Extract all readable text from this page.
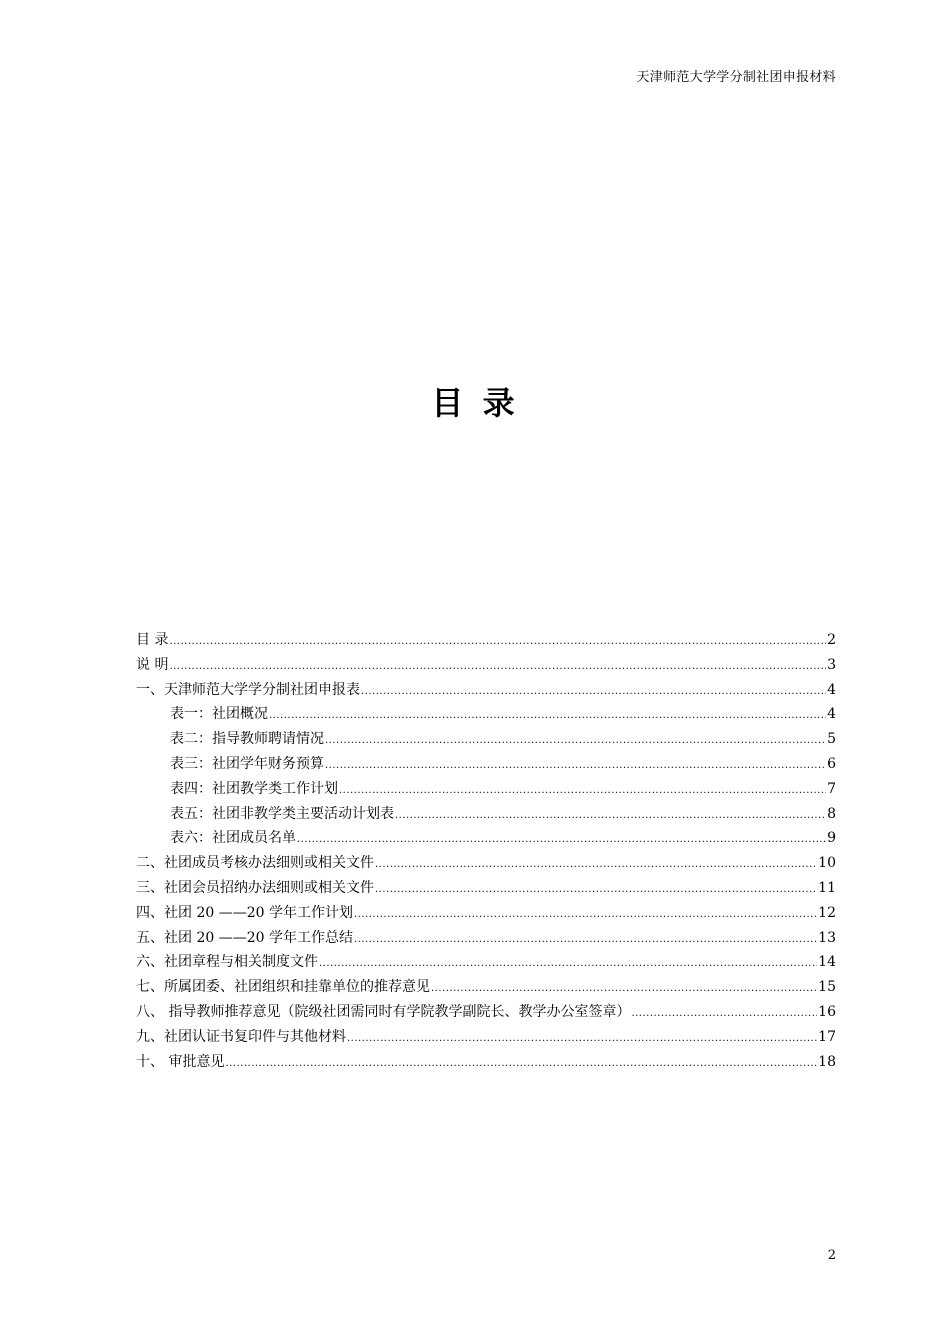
天津师范大学学分制社团申报材料
目 录
目 录 .....	2
说 明 .....	3
一、天津师范大学学分制社团申报表 .....	4
表一：社团概况 .....	4
表二：指导教师聘请情况 .....	5
表三：社团学年财务预算 .....	6
表四：社团教学类工作计划 .....	7
表五：社团非教学类主要活动计划表 .....	8
表六：社团成员名单 .....	9
二、社团成员考核办法细则或相关文件 .....	10
三、社团会员招纳办法细则或相关文件 .....	11
四、社团 20 ——20 学年工作计划 .....	12
五、社团 20 ——20 学年工作总结 .....	13
六、社团章程与相关制度文件 .....	14
七、所属团委、社团组织和挂靠单位的推荐意见 .....	15
八、 指导教师推荐意见（院级社团需同时有学院教学副院长、教学办公室签章） .....	16
九、社团认证书复印件与其他材料 .....	17
十、 审批意见 .....	18
2
